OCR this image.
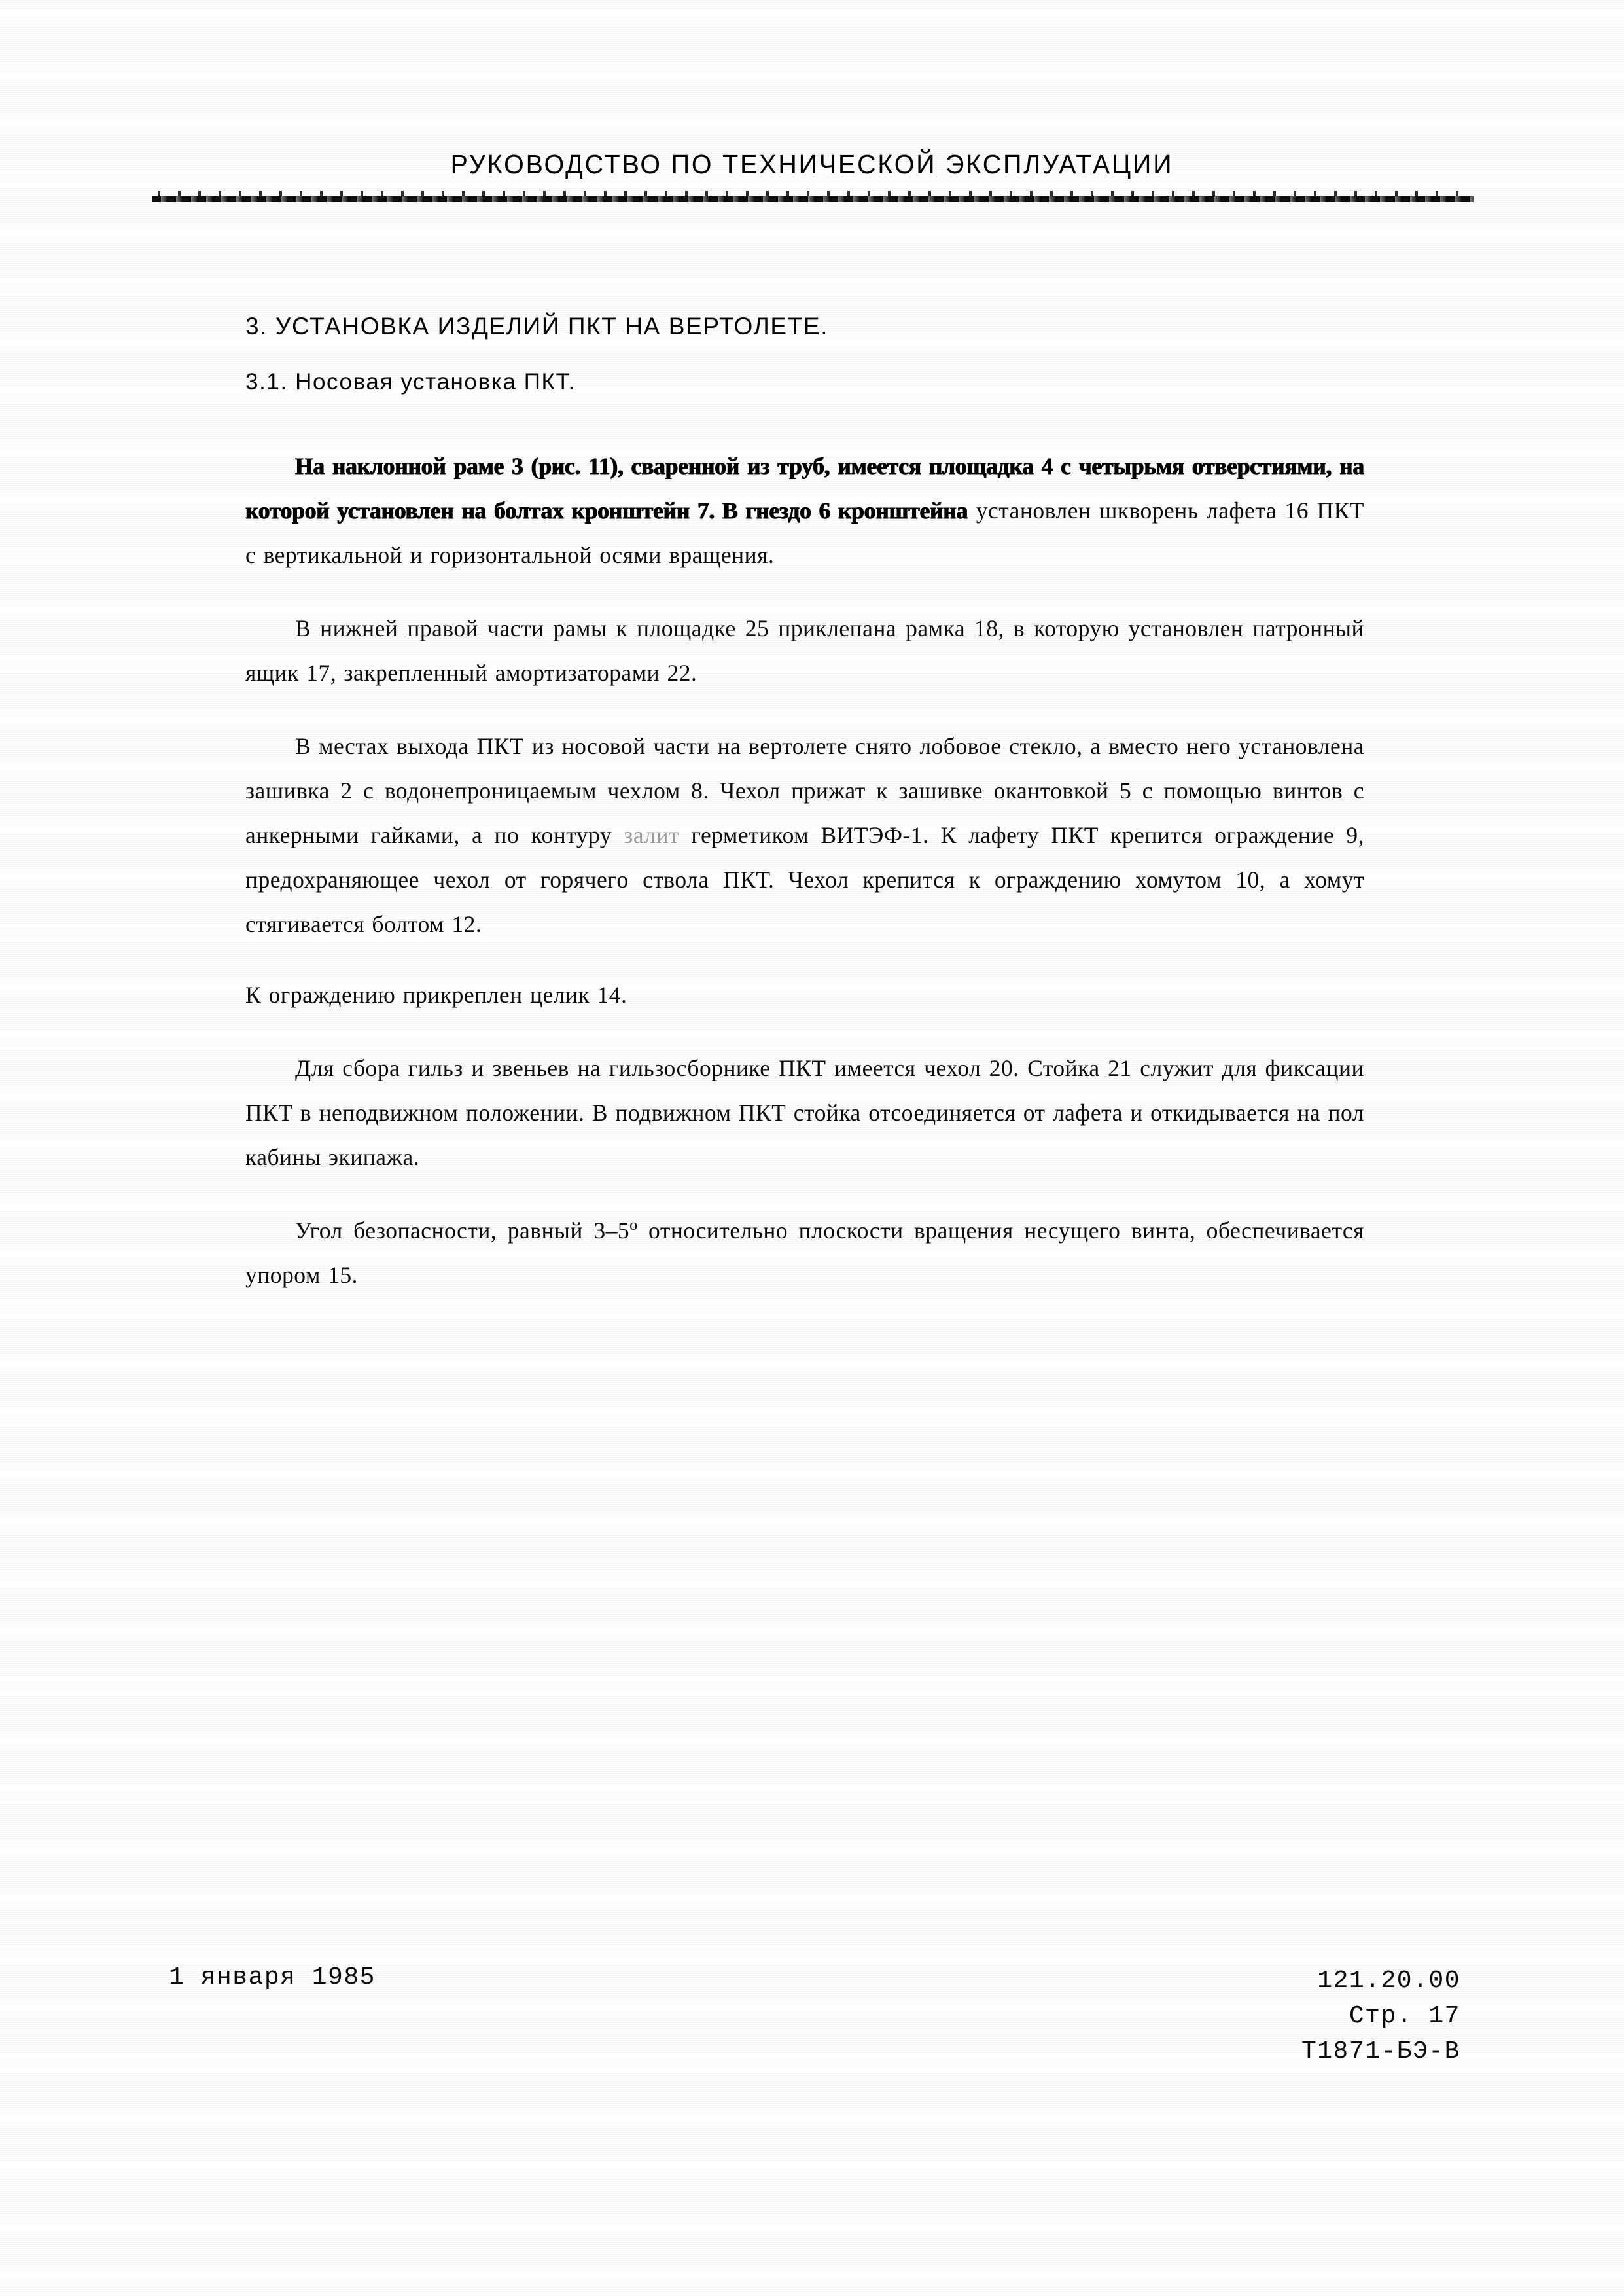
РУКОВОДСТВО ПО ТЕХНИЧЕСКОЙ ЭКСПЛУАТАЦИИ
3. УСТАНОВКА ИЗДЕЛИЙ ПКТ НА ВЕРТОЛЕТЕ.
3.1. Носовая установка ПКТ.

На наклонной раме 3 (рис. 11), сваренной из труб, имеется площадка 4 с четырьмя отверстиями, на которой установлен на болтах кронштейн 7. В гнездо 6 кронштейна установлен шкворень лафета 16 ПКТ с вертикальной и горизонтальной осями вращения.

В нижней правой части рамы к площадке 25 приклепана рамка 18, в которую установлен патронный ящик 17, закрепленный амортизаторами 22.

В местах выхода ПКТ из носовой части на вертолете снято лобовое стекло, а вместо него установлена зашивка 2 с водонепроницаемым чехлом 8. Чехол прижат к зашивке окантовкой 5 с помощью винтов с анкерными гайками, а по контуру залит герметиком ВИТЭФ-1. К лафету ПКТ крепится ограждение 9, предохраняющее чехол от горячего ствола ПКТ. Чехол крепится к ограждению хомутом 10, а хомут стягивается болтом 12.

К ограждению прикреплен целик 14.

Для сбора гильз и звеньев на гильзосборнике ПКТ имеется чехол 20. Стойка 21 служит для фиксации ПКТ в неподвижном положении. В подвижном ПКТ стойка отсоединяется от лафета и откидывается на пол кабины экипажа.

Угол безопасности, равный $3-5^о$ относительно плоскости вращения несущего винта, обеспечивается упором 15.

1 января 1985	121.20.00
Стр. 17
Т1871-БЭ-В
